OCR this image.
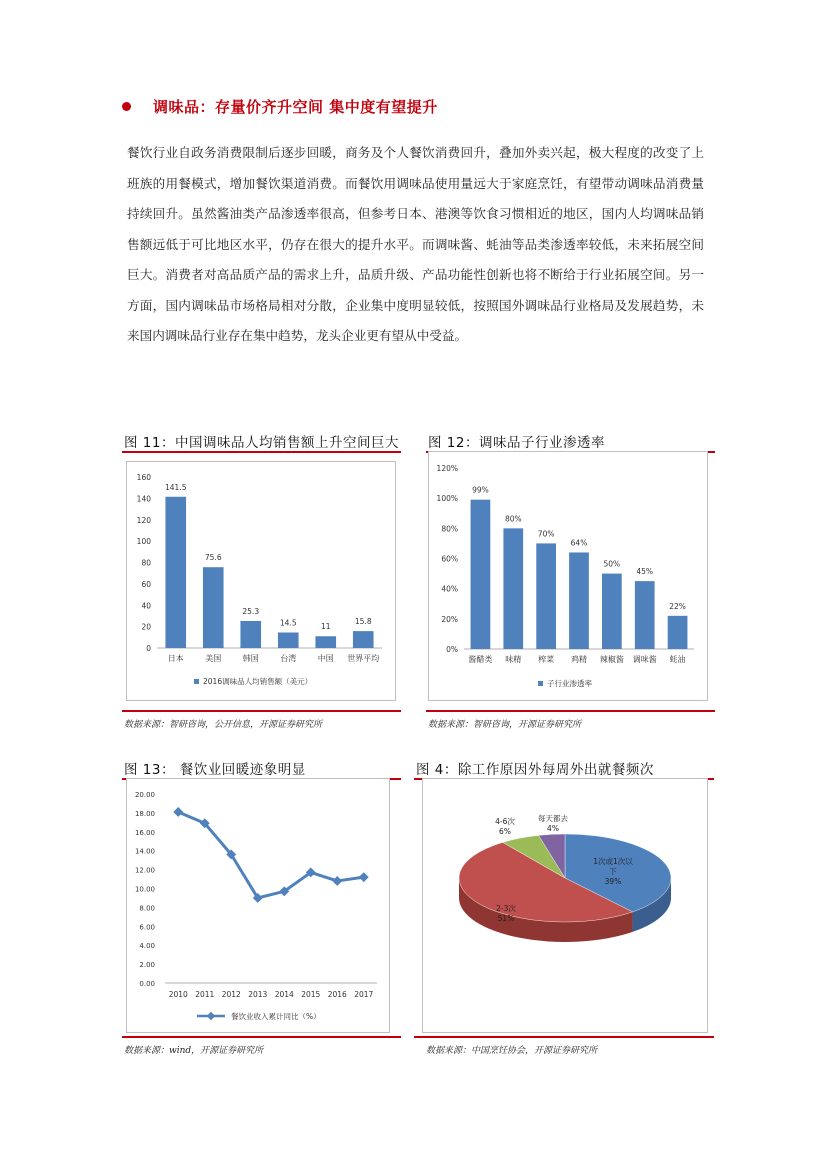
调味品：存量价齐升空间 集中度有望提升

餐饮行业自政务消费限制后逐步回暖，商务及个人餐饮消费回升，叠加外卖兴起，极大程度的改变了上班族的用餐模式，增加餐饮渠道消费。而餐饮用调味品使用量远大于家庭烹饪，有望带动调味品消费量持续回升。虽然酱油类产品渗透率很高，但参考日本、港澳等饮食习惯相近的地区，国内人均调味品销售额远低于可比地区水平，仍存在很大的提升水平。而调味酱、蚝油等品类渗透率较低，未来拓展空间巨大。消费者对高品质产品的需求上升，品质升级、产品功能性创新也将不断给于行业拓展空间。另一方面，国内调味品市场格局相对分散，企业集中度明显较低，按照国外调味品行业格局及发展趋势，未来国内调味品行业存在集中趋势，龙头企业更有望从中受益。

图 11：中国调味品人均销售额上升空间巨大
0
20
40
60
80
100
120
140
160
141.5
日本
75.6
美国
25.3
韩国
14.5
台湾
11
中国
15.8
世界平均
2016调味品人均销售额（美元）
数据来源：智研咨询，公开信息，开源证券研究所
图 12：调味品子行业渗透率
0%
20%
40%
60%
80%
100%
120%
99%
酱醋类
80%
味精
70%
榨菜
64%
鸡精
50%
辣椒酱
45%
调味酱
22%
蚝油
子行业渗透率
数据来源：智研咨询，开源证券研究所
图 13： 餐饮业回暖迹象明显
0.00
2.00
4.00
6.00
8.00
10.00
12.00
14.00
16.00
18.00
20.00
2010 2011 2012 2013 2014 2015 2016 2017
餐饮业收入累计同比（%）
数据来源：wind，开源证券研究所
图 4：除工作原因外每周外出就餐频次
1次或1次以下 39%
2-3次 51%
4-6次 6%
每天都去 4%
数据来源：中国烹饪协会，开源证券研究所
